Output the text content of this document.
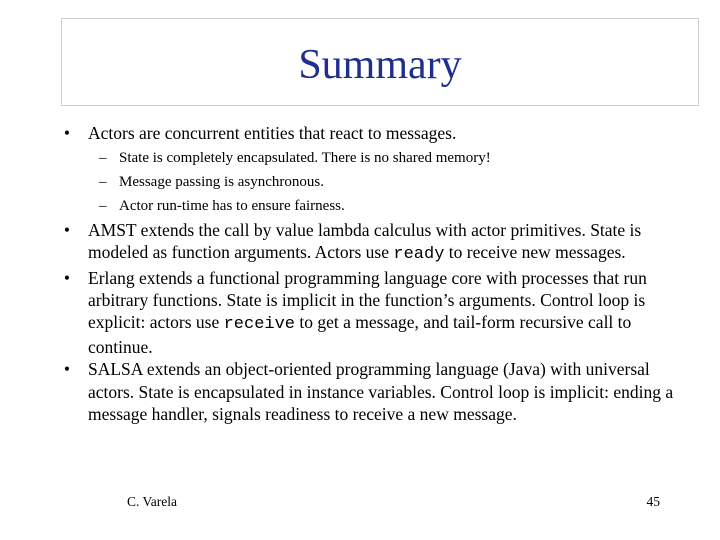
Summary
•	Actors are concurrent entities that react to messages.
– State is completely encapsulated. There is no shared memory!
– Message passing is asynchronous.
– Actor run-time has to ensure fairness.
•	AMST extends the call by value lambda calculus with actor primitives. State is modeled as function arguments. Actors use ready to receive new messages.
•	Erlang extends a functional programming language core with processes that run arbitrary functions. State is implicit in the function’s arguments. Control loop is explicit: actors use receive to get a message, and tail-form recursive call to continue.
•	SALSA extends an object-oriented programming language (Java) with universal actors. State is encapsulated in instance variables. Control loop is implicit: ending a message handler, signals readiness to receive a new message.
C. Varela	45
